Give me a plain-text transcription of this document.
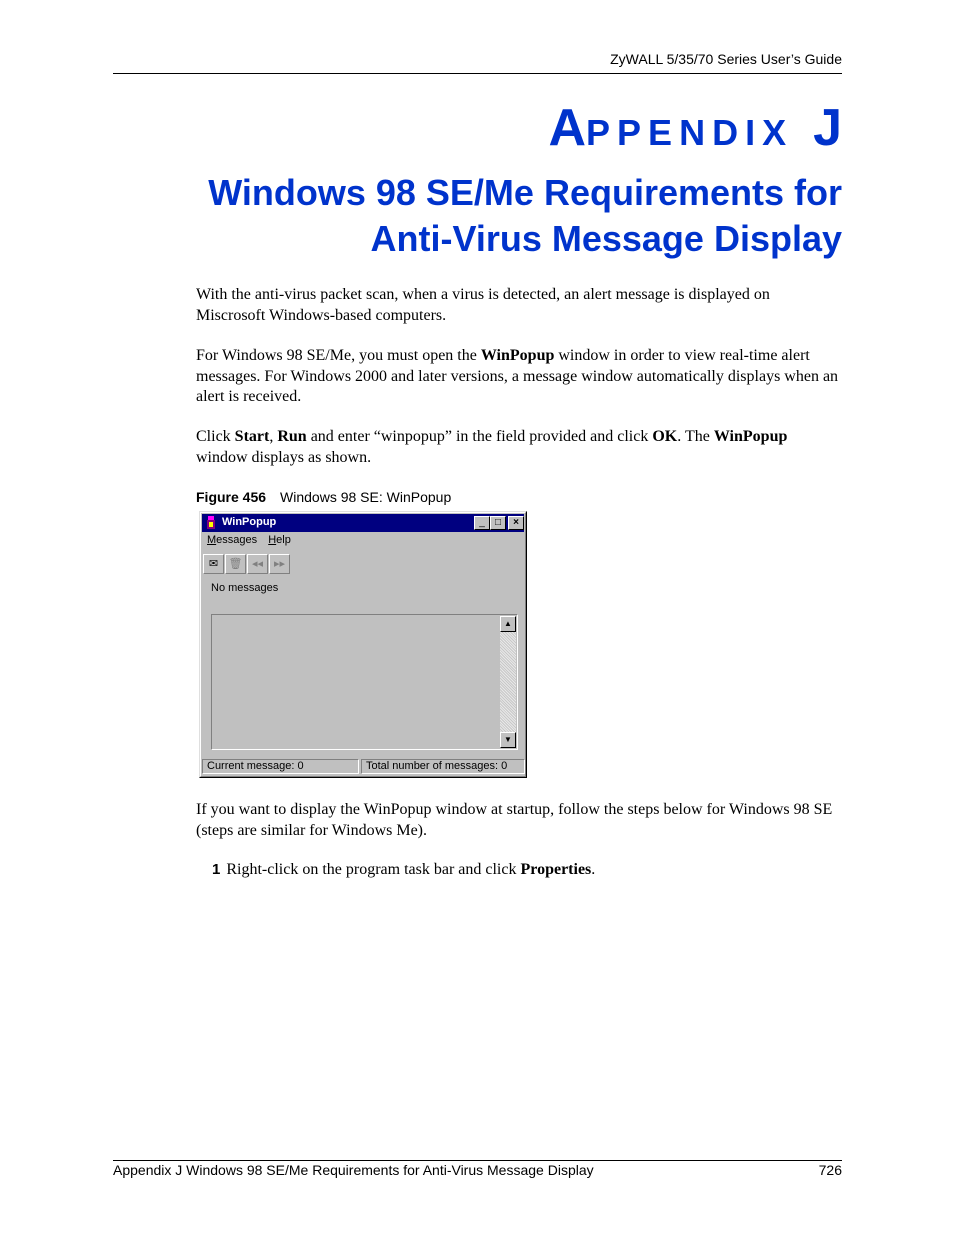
ZyWALL 5/35/70 Series User’s Guide
APPENDIX J
Windows 98 SE/Me Requirements for Anti-Virus Message Display
With the anti-virus packet scan, when a virus is detected, an alert message is displayed on Miscrosoft Windows-based computers.
For Windows 98 SE/Me, you must open the WinPopup window in order to view real-time alert messages. For Windows 2000 and later versions, a message window automatically displays when an alert is received.
Click Start, Run and enter “winpopup” in the field provided and click OK. The WinPopup window displays as shown.
Figure 456 Windows 98 SE: WinPopup
WinPopup	_	□	×
Messages Help
✉ 🗑 ◂◂ ▸▸
No messages
▲
▼
Current message: 0	Total number of messages: 0
If you want to display the WinPopup window at startup, follow the steps below for Windows 98 SE (steps are similar for Windows Me).
1 Right-click on the program task bar and click Properties.
Appendix J Windows 98 SE/Me Requirements for Anti-Virus Message Display	726
